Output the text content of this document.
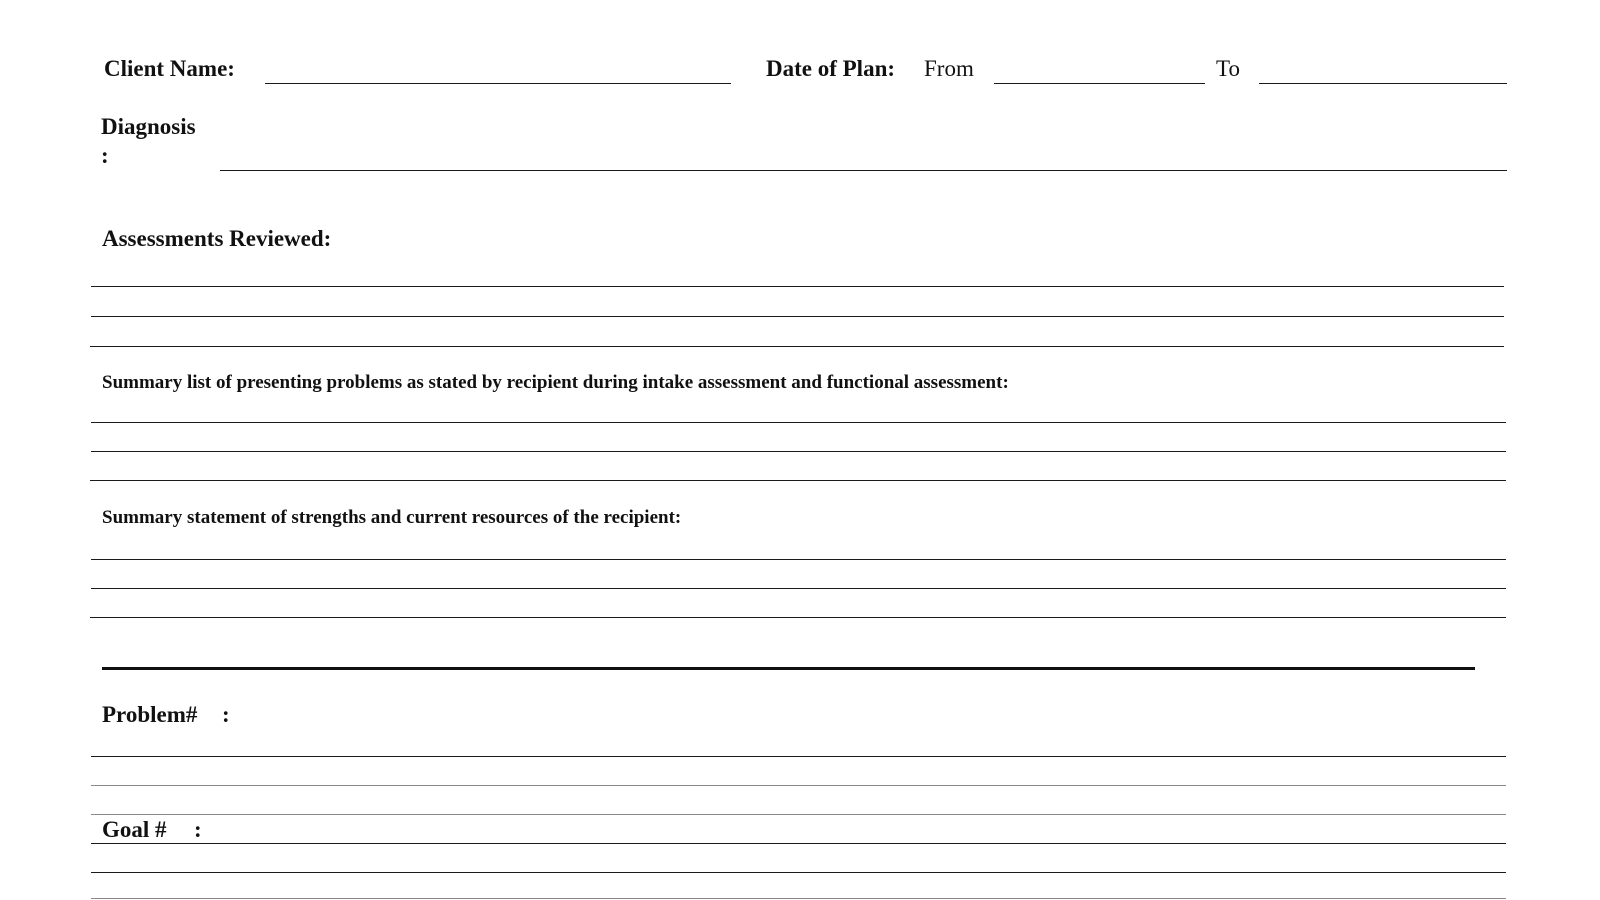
Client Name:	Date of Plan: From	To
Diagnosis
:
Assessments Reviewed:
Summary list of presenting problems as stated by recipient during intake assessment and functional assessment:
Summary statement of strengths and current resources of the recipient:
Problem# :
Goal # :
